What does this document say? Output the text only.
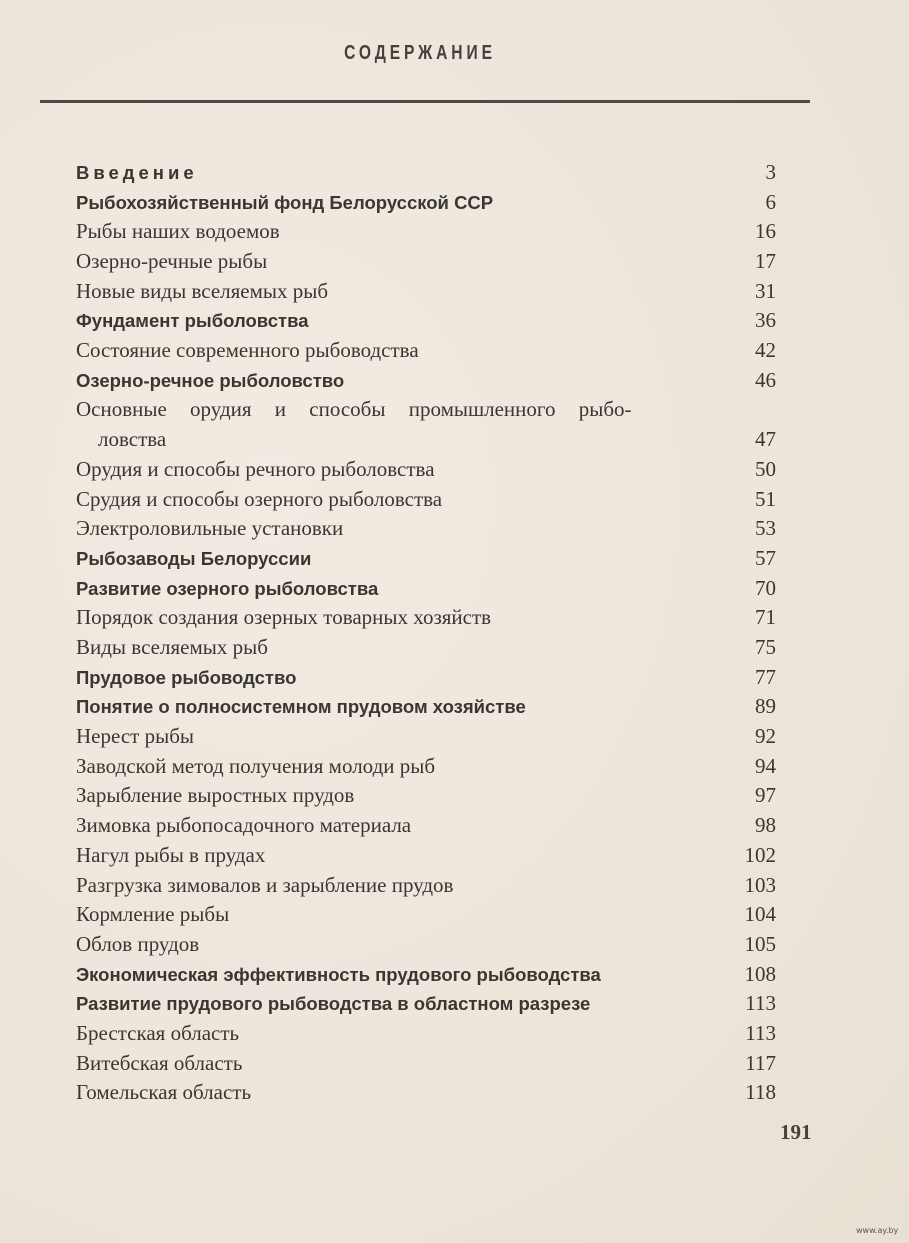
СОДЕРЖАНИЕ
Введение	3
Рыбохозяйственный фонд Белорусской ССР	6
Рыбы наших водоемов	16
Озерно-речные рыбы	17
Новые виды вселяемых рыб	31
Фундамент рыболовства	36
Состояние современного рыбоводства	42
Озерно-речное рыболовство	46
Основные орудия и способы промышленного рыбо-
ловства	47
Орудия и способы речного рыболовства	50
Срудия и способы озерного рыболовства	51
Электроловильные установки	53
Рыбозаводы Белоруссии	57
Развитие озерного рыболовства	70
Порядок создания озерных товарных хозяйств	71
Виды вселяемых рыб	75
Прудовое рыбоводство	77
Понятие о полносистемном прудовом хозяйстве	89
Нерест рыбы	92
Заводской метод получения молоди рыб	94
Зарыбление выростных прудов	97
Зимовка рыбопосадочного материала	98
Нагул рыбы в прудах	102
Разгрузка зимовалов и зарыбление прудов	103
Кормление рыбы	104
Облов прудов	105
Экономическая эффективность прудового рыбоводства	108
Развитие прудового рыбоводства в областном разрезе	113
Брестская область	113
Витебская область	117
Гомельская область	118
191
www.ay.by
